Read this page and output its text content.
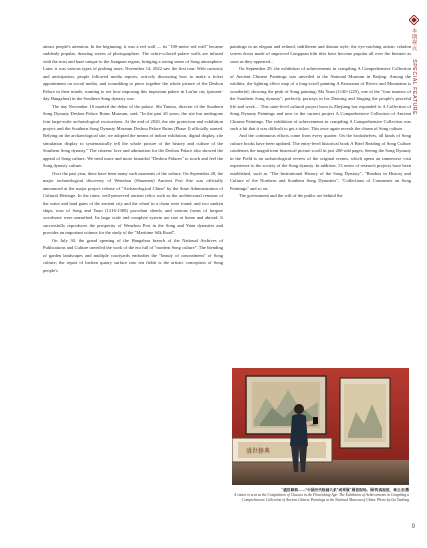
本期视点  SPECIAL FEATURE

attract people's attention. In the beginning, it was a red wall — its "100-meter red wall" became suddenly popular, drawing waves of photographers. The ochre-colored palace walls are infused with the mist and haze unique to the Jiangnan region, bringing a strong sense of Song atmosphere. Later, it was various types of probing tours. November 14, 2022 saw the first tour. With curiosity and anticipation, people followed media reports, actively discussing how to make a ticket appointment on social media, and scrambling to piece together the whole picture of the Deshou Palace in their minds, wanting to see how imposing this important palace in Lin'an city (present-day Hangzhou) in the Southern Song dynasty was.

The day November 18 marked the debut of the palace. Shi Yuntao, director of the Southern Song Dynasty Deshou Palace Ruins Museum, said, "In the past 20 years, the site has undergone four large-scale archaeological excavations. At the end of 2020, the site protection and exhibition project and the Southern Song Dynasty Museum Deshou Palace Ruins (Phase I) officially started. Relying on the archaeological site, we adopted the means of indoor exhibition, digital display, site simulation display to systematically tell the whole picture of the history and culture of the Southern Song dynasty." The citizens' love and admiration for the Deshou Palace also showed the appeal of Song culture. We need more and more beautiful "Deshou Palaces" to touch and feel the Song dynasty culture.

Over the past year, there have been many such moments of the culture. On September 28, the major archaeological discovery of Wenzhou (Shuomen) Ancient Port Site was officially announced at the major project release of "Archaeological China" by the State Administration of Cultural Heritage. In the ruins, well-preserved ancient relics such as the architectural remains of the water and land gates of the ancient city and the wharf in a chain were found, and two sunken ships, tons of Song and Yuan (1216-1368) porcelain sherds, and various forms of lacquer woodware were unearthed. Its large scale and complete system are rare at home and abroad. It successfully reproduces the prosperity of Wenzhou Port in the Song and Yuan dynasties and provides an important witness for the study of the "Maritime Silk Road".

On July 30, the grand opening of the Hangzhou branch of the National Archives of Publications and Culture unveiled the work of the era full of "modern Song culture". The blending of garden landscapes and multiple courtyards embodies the "beauty of concealment" of Song culture; the repair of broken quarry surface into ten fields is the artistic conception of Song people's

paintings in an elegant and refined, indifferent and distant style; the eye-catching artistic celadon screen doors made of improved Longquan kiln tiles have become popular all over the Internet as soon as they appeared...

On September 29, the exhibition of achievements in compiling A Comprehensive Collection of Ancient Chinese Paintings was unveiled at the National Museum in Beijing. Among the exhibits, the lighting effect map of a long-scroll painting A Panorama of Rivers and Mountains is wonderful, showing the peak of Song painting; Ma Yuan (1140-1225), one of the "four masters of the Southern Song dynasty", perfectly portrays in his Dancing and Singing the people's peaceful life and work.... This state-level cultural project born in Zhejiang has expanded to A Collection of Song Dynasty Paintings and now to the current project A Comprehensive Collection of Ancient Chinese Paintings. The exhibition of achievements in compiling A Comprehensive Collection was such a hit that it was difficult to get a ticket. This once again reveals the charm of Song culture.

And the continuous efforts come from every quarter. On the bookshelves, all kinds of Song culture books have been updated. The entry-level historical book A Brief Reading of Song Culture condenses the magnificent historical picture scroll in just 200-odd pages; Seeing the Song Dynasty in the Field is an archaeological review of the original scenes, which opens an immersive visit experience to the society of the Song dynasty. In addition, 13 series of research projects have been established, such as "The Institutional History of the Song Dynasty", "Readers in History and Culture of the Northern and Southern Song Dynasties", "Collections of Comments on Song Paintings" and so on.

The government and the will of the public are behind the

盛世修典
"盛世修典——“中国历代绘画大系”成果展"展览现场。图/传真视觉，林云龙/摄
A visitor is seen at the Compilation of Classics in the Flourishing Age: The Exhibition of Achievements in Compiling a Comprehensive Collection of Ancient Chinese Paintings at the National Museum of China. Photo by Lin Yunlong
9
